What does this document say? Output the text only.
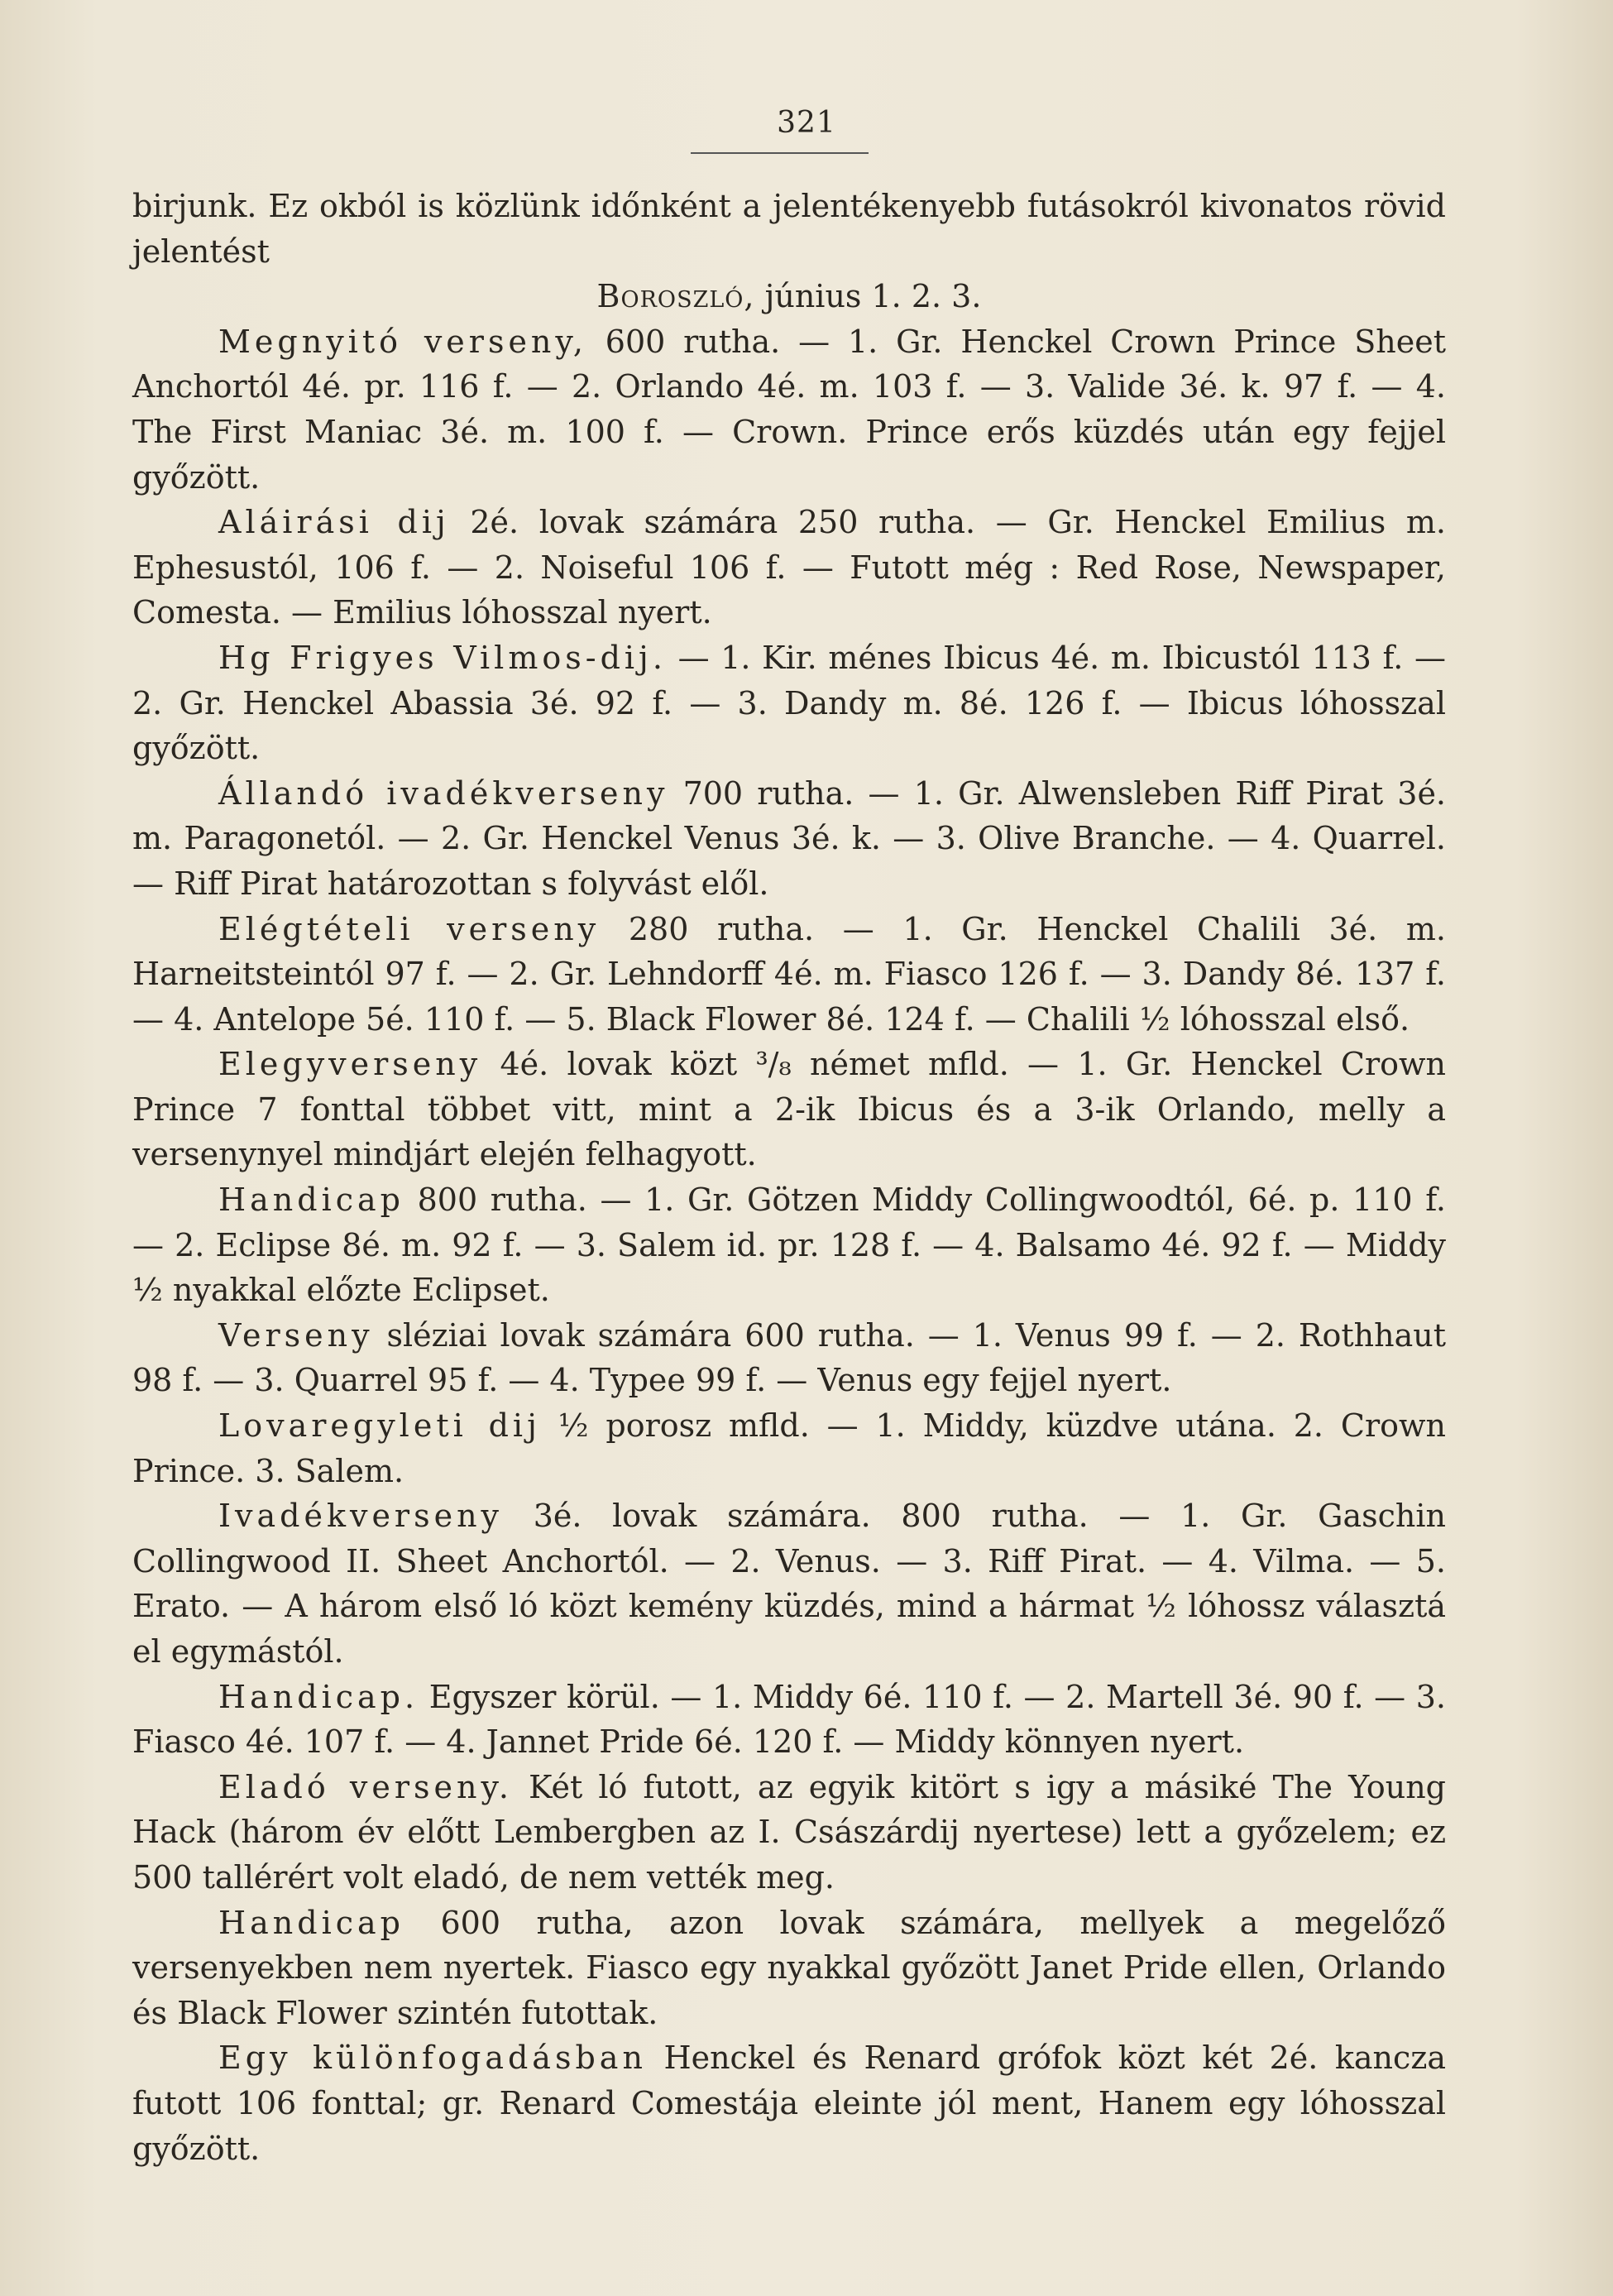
321

birjunk. Ez okból is közlünk időnként a jelentékenyebb futásokról kivonatos rövid jelentést

Boroszló, június 1. 2. 3.

Megnyitó verseny, 600 rutha. — 1. Gr. Henckel Crown Prince Sheet Anchortól 4é. pr. 116 f. — 2. Orlando 4é. m. 103 f. — 3. Valide 3é. k. 97 f. — 4. The First Maniac 3é. m. 100 f. — Crown. Prince erős küzdés után egy fejjel győzött.

Aláirási dij 2é. lovak számára 250 rutha. — Gr. Henckel Emilius m. Ephesustól, 106 f. — 2. Noiseful 106 f. — Futott még : Red Rose, Newspaper, Comesta. — Emilius lóhosszal nyert.

Hg Frigyes Vilmos-dij. — 1. Kir. ménes Ibicus 4é. m. Ibicustól 113 f. — 2. Gr. Henckel Abassia 3é. 92 f. — 3. Dandy m. 8é. 126 f. — Ibicus lóhosszal győzött.

Állandó ivadékverseny 700 rutha. — 1. Gr. Alwensleben Riff Pirat 3é. m. Paragonetól. — 2. Gr. Henckel Venus 3é. k. — 3. Olive Branche. — 4. Quarrel. — Riff Pirat határozottan s folyvást elől.

Elégtételi verseny 280 rutha. — 1. Gr. Henckel Chalili 3é. m. Harneitsteintól 97 f. — 2. Gr. Lehndorff 4é. m. Fiasco 126 f. — 3. Dandy 8é. 137 f. — 4. Antelope 5é. 110 f. — 5. Black Flower 8é. 124 f. — Chalili ½ lóhosszal első.

Elegyverseny 4é. lovak közt ³/₈ német mfld. — 1. Gr. Henckel Crown Prince 7 fonttal többet vitt, mint a 2-ik Ibicus és a 3-ik Orlando, melly a versenynyel mindjárt elején felhagyott.

Handicap 800 rutha. — 1. Gr. Götzen Middy Collingwoodtól, 6é. p. 110 f. — 2. Eclipse 8é. m. 92 f. — 3. Salem id. pr. 128 f. — 4. Balsamo 4é. 92 f. — Middy ½ nyakkal előzte Eclipset.

Verseny sléziai lovak számára 600 rutha. — 1. Venus 99 f. — 2. Rothhaut 98 f. — 3. Quarrel 95 f. — 4. Typee 99 f. — Venus egy fejjel nyert.

Lovaregyleti dij ½ porosz mfld. — 1. Middy, küzdve utána. 2. Crown Prince. 3. Salem.

Ivadékverseny 3é. lovak számára. 800 rutha. — 1. Gr. Gaschin Collingwood II. Sheet Anchortól. — 2. Venus. — 3. Riff Pirat. — 4. Vilma. — 5. Erato. — A három első ló közt kemény küzdés, mind a hármat ½ lóhossz választá el egymástól.

Handicap. Egyszer körül. — 1. Middy 6é. 110 f. — 2. Martell 3é. 90 f. — 3. Fiasco 4é. 107 f. — 4. Jannet Pride 6é. 120 f. — Middy könnyen nyert.

Eladó verseny. Két ló futott, az egyik kitört s igy a másiké The Young Hack (három év előtt Lembergben az I. Császárdij nyertese) lett a győzelem; ez 500 tallérért volt eladó, de nem vették meg.

Handicap 600 rutha, azon lovak számára, mellyek a megelőző versenyekben nem nyertek. Fiasco egy nyakkal győzött Janet Pride ellen, Orlando és Black Flower szintén futottak.

Egy különfogadásban Henckel és Renard grófok közt két 2é. kancza futott 106 fonttal; gr. Renard Comestája eleinte jól ment, Hanem egy lóhosszal győzött.
